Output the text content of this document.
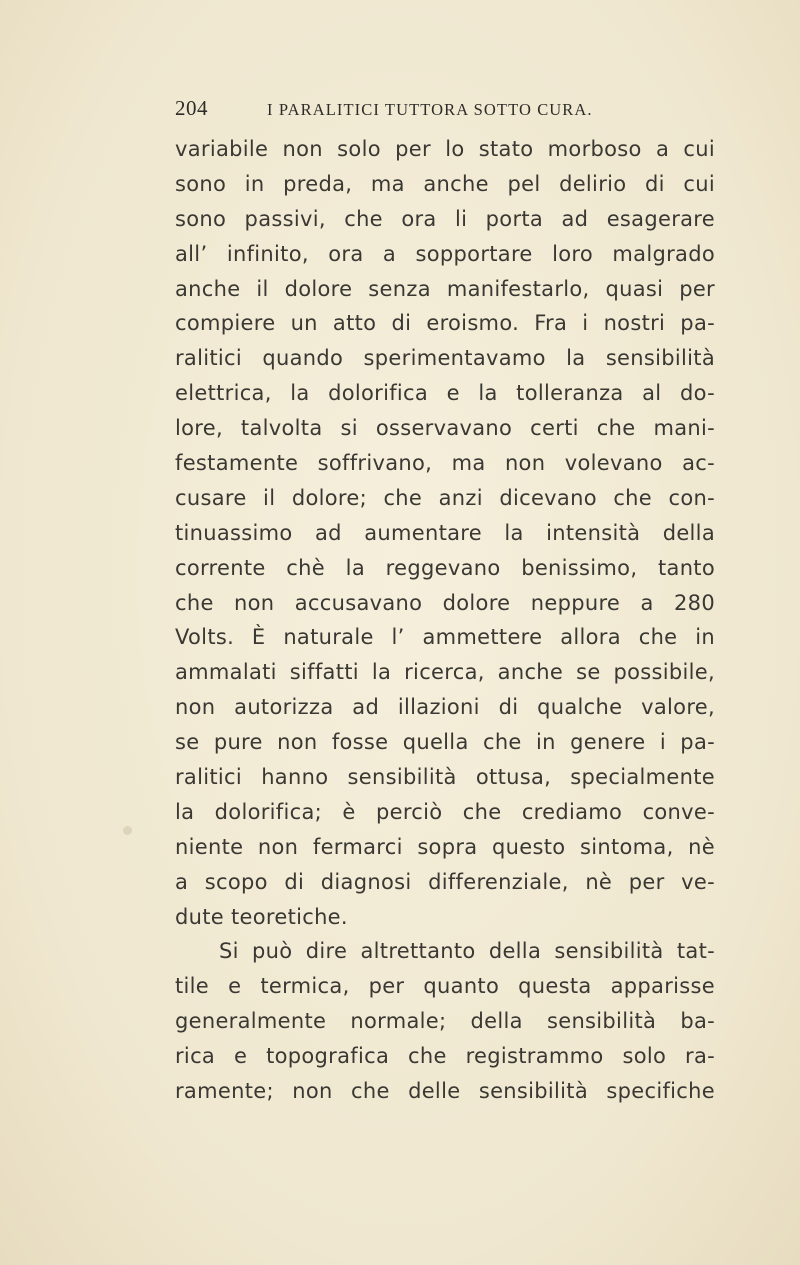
204	I PARALITICI TUTTORA SOTTO CURA.
variabile non solo per lo stato morboso a cui
sono in preda, ma anche pel delirio di cui
sono passivi, che ora li porta ad esagerare
all’ infinito, ora a sopportare loro malgrado
anche il dolore senza manifestarlo, quasi per
compiere un atto di eroismo. Fra i nostri pa-
ralitici quando sperimentavamo la sensibilità
elettrica, la dolorifica e la tolleranza al do-
lore, talvolta si osservavano certi che mani-
festamente soffrivano, ma non volevano ac-
cusare il dolore; che anzi dicevano che con-
tinuassimo ad aumentare la intensità della
corrente chè la reggevano benissimo, tanto
che non accusavano dolore neppure a 280
Volts. È naturale l’ ammettere allora che in
ammalati siffatti la ricerca, anche se possibile,
non autorizza ad illazioni di qualche valore,
se pure non fosse quella che in genere i pa-
ralitici hanno sensibilità ottusa, specialmente
la dolorifica; è perciò che crediamo conve-
niente non fermarci sopra questo sintoma, nè
a scopo di diagnosi differenziale, nè per ve-
dute teoretiche.
Si può dire altrettanto della sensibilità tat-
tile e termica, per quanto questa apparisse
generalmente normale; della sensibilità ba-
rica e topografica che registrammo solo ra-
ramente; non che delle sensibilità specifiche
